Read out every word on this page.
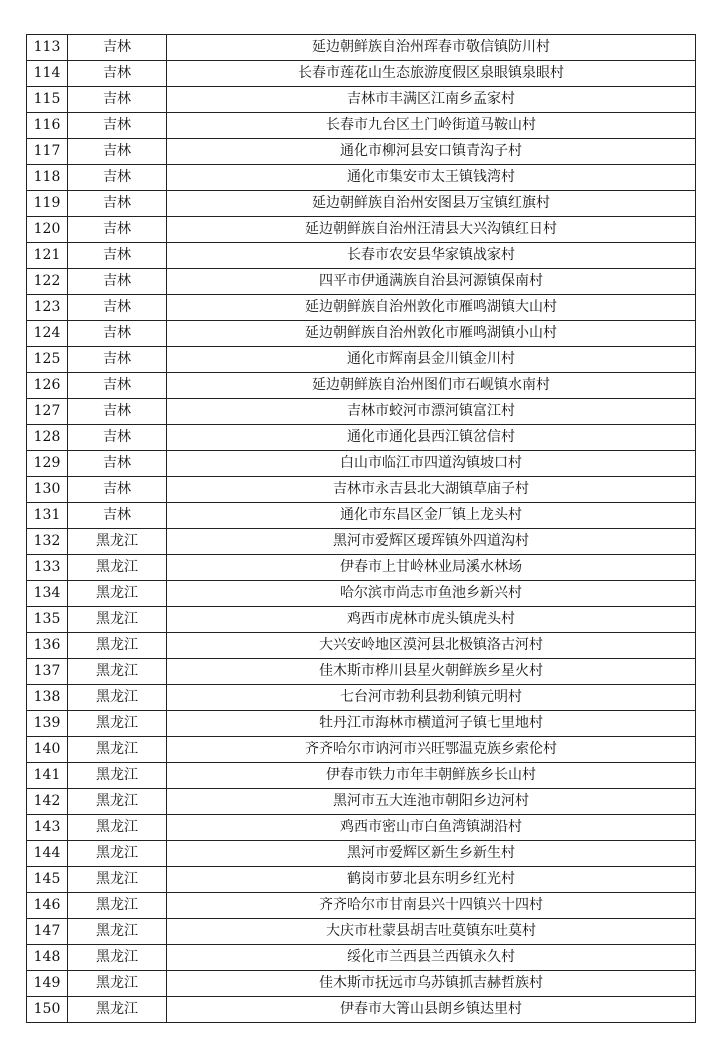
113	吉林	延边朝鲜族自治州珲春市敬信镇防川村
114	吉林	长春市莲花山生态旅游度假区泉眼镇泉眼村
115	吉林	吉林市丰满区江南乡孟家村
116	吉林	长春市九台区土门岭街道马鞍山村
117	吉林	通化市柳河县安口镇青沟子村
118	吉林	通化市集安市太王镇钱湾村
119	吉林	延边朝鲜族自治州安图县万宝镇红旗村
120	吉林	延边朝鲜族自治州汪清县大兴沟镇红日村
121	吉林	长春市农安县华家镇战家村
122	吉林	四平市伊通满族自治县河源镇保南村
123	吉林	延边朝鲜族自治州敦化市雁鸣湖镇大山村
124	吉林	延边朝鲜族自治州敦化市雁鸣湖镇小山村
125	吉林	通化市辉南县金川镇金川村
126	吉林	延边朝鲜族自治州图们市石岘镇水南村
127	吉林	吉林市蛟河市漂河镇富江村
128	吉林	通化市通化县西江镇岔信村
129	吉林	白山市临江市四道沟镇坡口村
130	吉林	吉林市永吉县北大湖镇草庙子村
131	吉林	通化市东昌区金厂镇上龙头村
132	黑龙江	黑河市爱辉区瑷珲镇外四道沟村
133	黑龙江	伊春市上甘岭林业局溪水林场
134	黑龙江	哈尔滨市尚志市鱼池乡新兴村
135	黑龙江	鸡西市虎林市虎头镇虎头村
136	黑龙江	大兴安岭地区漠河县北极镇洛古河村
137	黑龙江	佳木斯市桦川县星火朝鲜族乡星火村
138	黑龙江	七台河市勃利县勃利镇元明村
139	黑龙江	牡丹江市海林市横道河子镇七里地村
140	黑龙江	齐齐哈尔市讷河市兴旺鄂温克族乡索伦村
141	黑龙江	伊春市铁力市年丰朝鲜族乡长山村
142	黑龙江	黑河市五大连池市朝阳乡边河村
143	黑龙江	鸡西市密山市白鱼湾镇湖沿村
144	黑龙江	黑河市爱辉区新生乡新生村
145	黑龙江	鹤岗市萝北县东明乡红光村
146	黑龙江	齐齐哈尔市甘南县兴十四镇兴十四村
147	黑龙江	大庆市杜蒙县胡吉吐莫镇东吐莫村
148	黑龙江	绥化市兰西县兰西镇永久村
149	黑龙江	佳木斯市抚远市乌苏镇抓吉赫哲族村
150	黑龙江	伊春市大箐山县朗乡镇达里村
